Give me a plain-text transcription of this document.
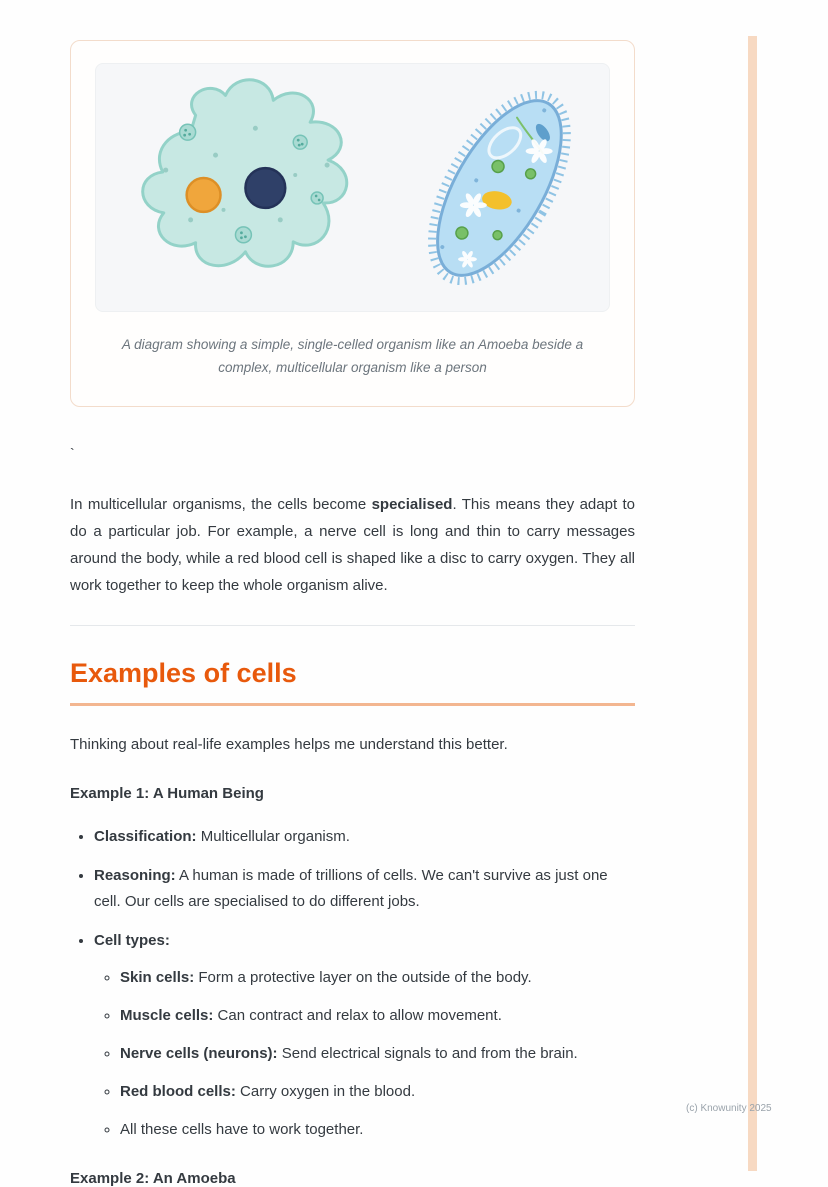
A diagram showing a simple, single-celled organism like an Amoeba beside a complex, multicellular organism like a person
`

In multicellular organisms, the cells become specialised. This means they adapt to do a particular job. For example, a nerve cell is long and thin to carry messages around the body, while a red blood cell is shaped like a disc to carry oxygen. They all work together to keep the whole organism alive.

Examples of cells

Thinking about real-life examples helps me understand this better.

Example 1: A Human Being

• Classification: Multicellular organism.
• Reasoning: A human is made of trillions of cells. We can't survive as just one cell. Our cells are specialised to do different jobs.
• Cell types:
◦ Skin cells: Form a protective layer on the outside of the body.
◦ Muscle cells: Can contract and relax to allow movement.
◦ Nerve cells (neurons): Send electrical signals to and from the brain.
◦ Red blood cells: Carry oxygen in the blood.
◦ All these cells have to work together.

Example 2: An Amoeba

(c) Knowunity 2025
